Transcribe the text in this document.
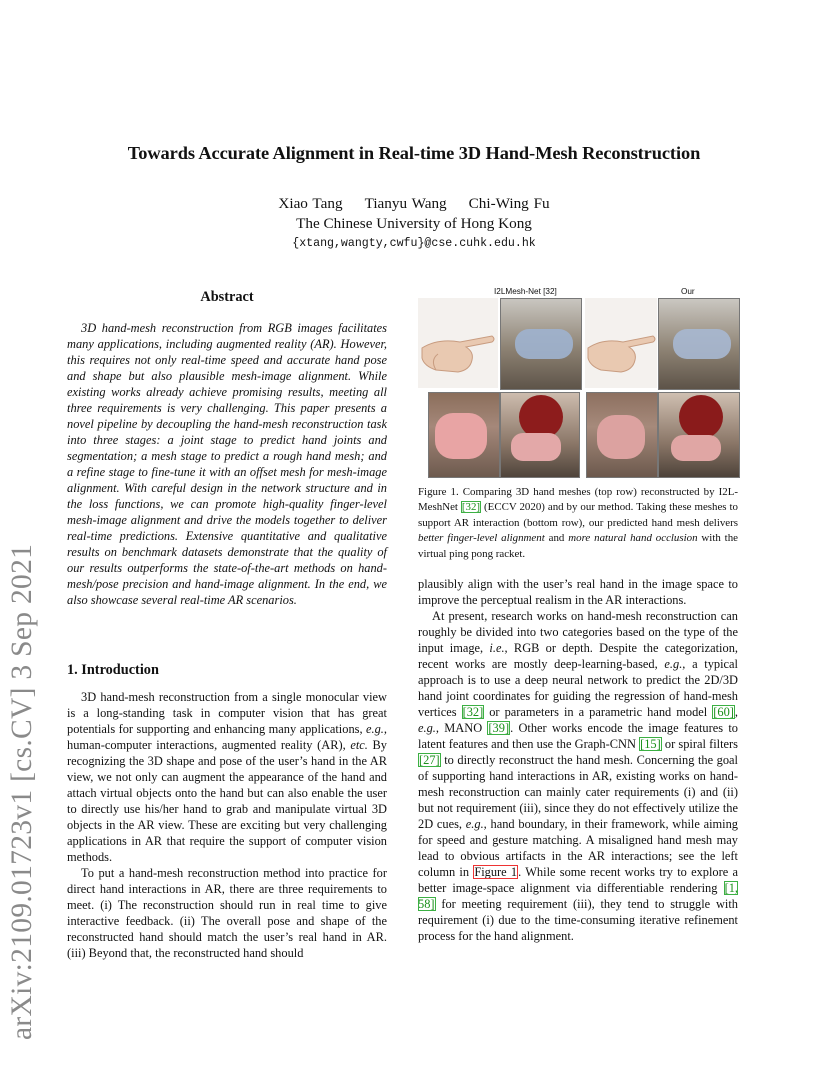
arXiv:2109.01723v1 [cs.CV] 3 Sep 2021
Towards Accurate Alignment in Real-time 3D Hand-Mesh Reconstruction
Xiao Tang Tianyu Wang Chi-Wing Fu
The Chinese University of Hong Kong
{xtang,wangty,cwfu}@cse.cuhk.edu.hk
Abstract

3D hand-mesh reconstruction from RGB images facilitates many applications, including augmented reality (AR). However, this requires not only real-time speed and accurate hand pose and shape but also plausible mesh-image alignment. While existing works already achieve promising results, meeting all three requirements is very challenging. This paper presents a novel pipeline by decoupling the hand-mesh reconstruction task into three stages: a joint stage to predict hand joints and segmentation; a mesh stage to predict a rough hand mesh; and a refine stage to fine-tune it with an offset mesh for mesh-image alignment. With careful design in the network structure and in the loss functions, we can promote high-quality finger-level mesh-image alignment and drive the models together to deliver real-time predictions. Extensive quantitative and qualitative results on benchmark datasets demonstrate that the quality of our results outperforms the state-of-the-art methods on hand-mesh/pose precision and hand-image alignment. In the end, we also showcase several real-time AR scenarios.

1. Introduction

3D hand-mesh reconstruction from a single monocular view is a long-standing task in computer vision that has great potentials for supporting and enhancing many applications, e.g., human-computer interactions, augmented reality (AR), etc. By recognizing the 3D shape and pose of the user’s hand in the AR view, we not only can augment the appearance of the hand and attach virtual objects onto the hand but can also enable the user to directly use his/her hand to grab and manipulate virtual 3D objects in the AR view. These are exciting but very challenging applications in AR that require the support of computer vision methods.

To put a hand-mesh reconstruction method into practice for direct hand interactions in AR, there are three requirements to meet. (i) The reconstruction should run in real time to give interactive feedback. (ii) The overall pose and shape of the reconstructed hand should match the user’s real hand in AR. (iii) Beyond that, the reconstructed hand should

I2LMesh-Net [32]	Our
Figure 1. Comparing 3D hand meshes (top row) reconstructed by I2L-MeshNet [32] (ECCV 2020) and by our method. Taking these meshes to support AR interaction (bottom row), our predicted hand mesh delivers better finger-level alignment and more natural hand occlusion with the virtual ping pong racket.

plausibly align with the user’s real hand in the image space to improve the perceptual realism in the AR interactions.

At present, research works on hand-mesh reconstruction can roughly be divided into two categories based on the type of the input image, i.e., RGB or depth. Despite the categorization, recent works are mostly deep-learning-based, e.g., a typical approach is to use a deep neural network to predict the 2D/3D hand joint coordinates for guiding the regression of hand-mesh vertices [32] or parameters in a parametric hand model [60], e.g., MANO [39]. Other works encode the image features to latent features and then use the Graph-CNN [15] or spiral filters [27] to directly reconstruct the hand mesh. Concerning the goal of supporting hand interactions in AR, existing works on hand-mesh reconstruction can mainly cater requirements (i) and (ii) but not requirement (iii), since they do not effectively utilize the 2D cues, e.g., hand boundary, in their framework, while aiming for speed and gesture matching. A misaligned hand mesh may lead to obvious artifacts in the AR interactions; see the left column in Figure 1. While some recent works try to explore a better image-space alignment via differentiable rendering [1, 58] for meeting requirement (iii), they tend to struggle with requirement (i) due to the time-consuming iterative refinement process for the hand alignment.
